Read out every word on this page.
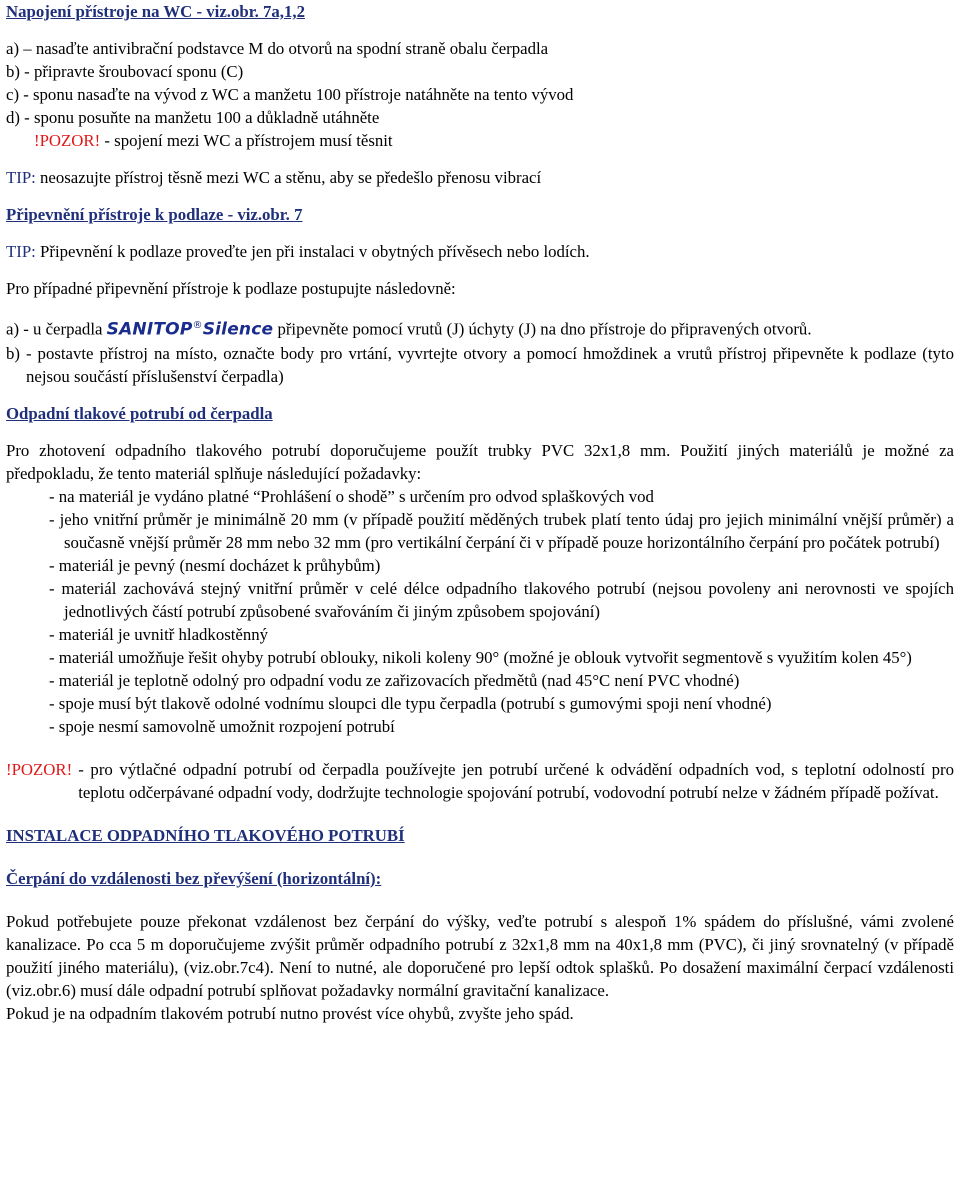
Napojení přístroje na WC - viz.obr. 7a,1,2

a) – nasaďte antivibrační podstavce M do otvorů na spodní straně obalu čerpadla

b) - připravte šroubovací sponu (C)

c) - sponu nasaďte na vývod z WC a manžetu 100 přístroje natáhněte na tento vývod

d) - sponu posuňte na manžetu 100 a důkladně utáhněte

!POZOR! - spojení mezi WC a přístrojem musí těsnit

TIP: neosazujte přístroj těsně mezi WC a stěnu, aby se předešlo přenosu vibrací

Připevnění přístroje k podlaze - viz.obr. 7

TIP: Připevnění k podlaze proveďte jen při instalaci v obytných přívěsech nebo lodích.

Pro případné připevnění přístroje k podlaze postupujte následovně:

a) - u čerpadla SANITOP®Silence připevněte pomocí vrutů (J) úchyty (J) na dno přístroje do připravených otvorů.

b) - postavte přístroj na místo, označte body pro vrtání, vyvrtejte otvory a pomocí hmoždinek a vrutů přístroj připevněte k podlaze (tyto nejsou součástí příslušenství čerpadla)

Odpadní tlakové potrubí od čerpadla

Pro zhotovení odpadního tlakového potrubí doporučujeme použít trubky PVC 32x1,8 mm. Použití jiných materiálů je možné za předpokladu, že tento materiál splňuje následující požadavky:

- na materiál je vydáno platné “Prohlášení o shodě” s určením pro odvod splaškových vod

- jeho vnitřní průměr je minimálně 20 mm (v případě použití měděných trubek platí tento údaj pro jejich minimální vnější průměr) a současně vnější průměr 28 mm nebo 32 mm (pro vertikální čerpání či v případě pouze horizontálního čerpání pro počátek potrubí)

- materiál je pevný (nesmí docházet k průhybům)

- materiál zachovává stejný vnitřní průměr v celé délce odpadního tlakového potrubí (nejsou povoleny ani nerovnosti ve spojích jednotlivých částí potrubí způsobené svařováním či jiným způsobem spojování)

- materiál je uvnitř hladkostěnný

- materiál umožňuje řešit ohyby potrubí oblouky, nikoli koleny 90° (možné je oblouk vytvořit segmentově s využitím kolen 45°)

- materiál je teplotně odolný pro odpadní vodu ze zařizovacích předmětů (nad 45°C není PVC vhodné)

- spoje musí být tlakově odolné vodnímu sloupci dle typu čerpadla (potrubí s gumovými spoji není vhodné)

- spoje nesmí samovolně umožnit rozpojení potrubí

!POZOR! - pro výtlačné odpadní potrubí od čerpadla používejte jen potrubí určené k odvádění odpadních vod, s teplotní odolností pro teplotu odčerpávané odpadní vody, dodržujte technologie spojování potrubí, vodovodní potrubí nelze v žádném případě požívat.

INSTALACE ODPADNÍHO TLAKOVÉHO POTRUBÍ

Čerpání do vzdálenosti bez převýšení (horizontální):

Pokud potřebujete pouze překonat vzdálenost bez čerpání do výšky, veďte potrubí s alespoň 1% spádem do příslušné, vámi zvolené kanalizace. Po cca 5 m doporučujeme zvýšit průměr odpadního potrubí z 32x1,8 mm na 40x1,8 mm (PVC), či jiný srovnatelný (v případě použití jiného materiálu), (viz.obr.7c4). Není to nutné, ale doporučené pro lepší odtok splašků. Po dosažení maximální čerpací vzdálenosti (viz.obr.6) musí dále odpadní potrubí splňovat požadavky normální gravitační kanalizace.

Pokud je na odpadním tlakovém potrubí nutno provést více ohybů, zvyšte jeho spád.
